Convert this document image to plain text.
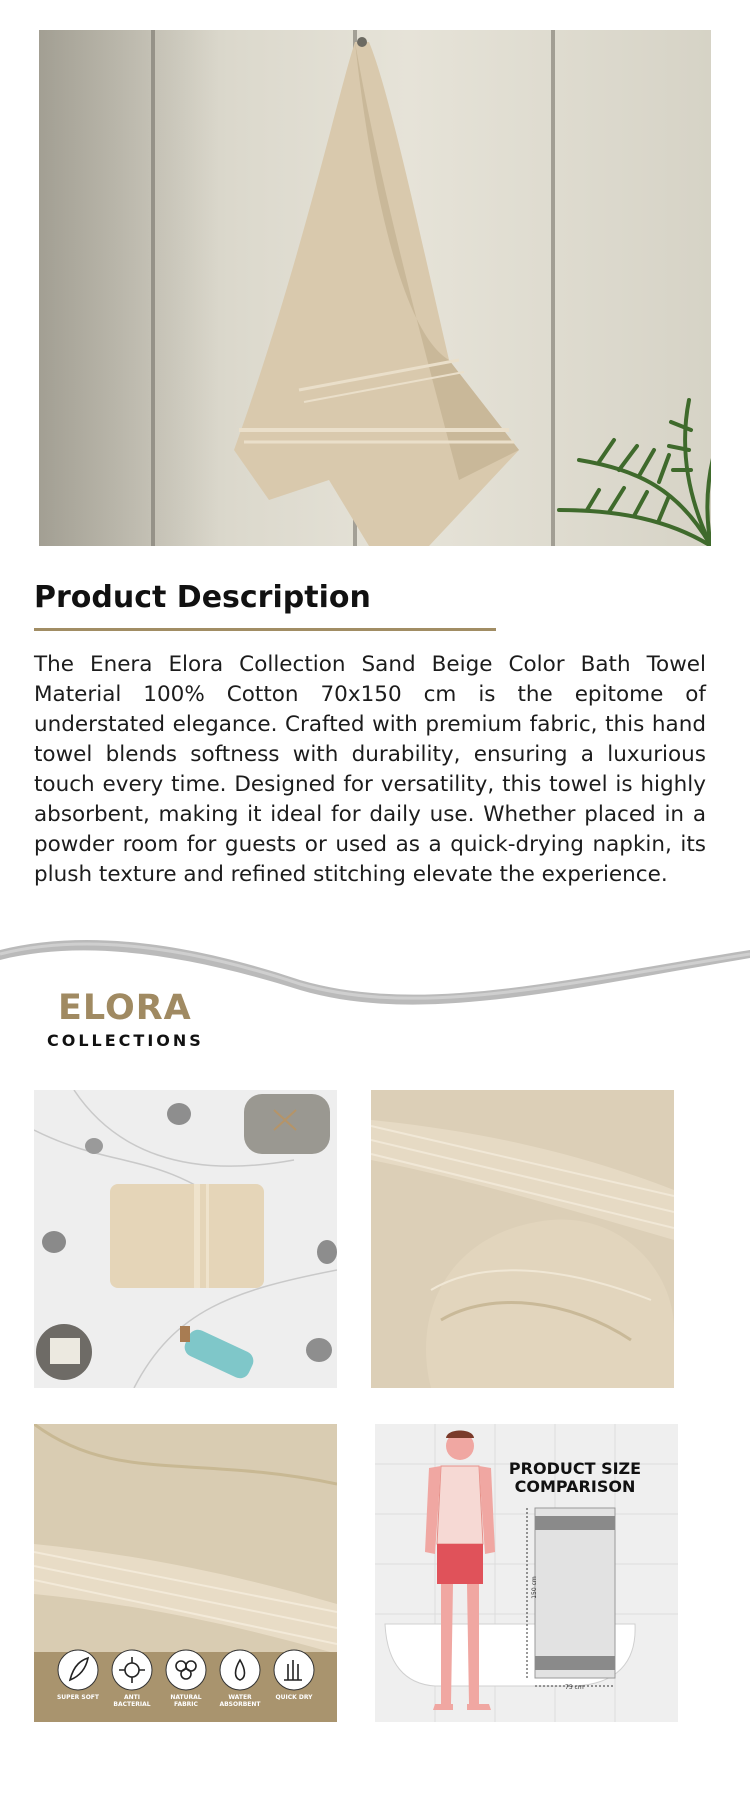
Product Description

The Enera Elora Collection Sand Beige Color Bath Towel Material 100% Cotton 70x150 cm is the epitome of understated elegance. Crafted with premium fabric, this hand towel blends softness with durability, ensuring a luxurious touch every time. Designed for versatility, this towel is highly absorbent, making it ideal for daily use. Whether placed in a powder room for guests or used as a quick-drying napkin, its plush texture and refined stitching elevate the experience.

ELORA
COLLECTIONS
SUPER SOFT	ANTI BACTERIAL
NATURAL FABRIC
WATER ABSORBENT
QUICK DRY
PRODUCT SIZE
COMPARISON
150 cm
75 cm
